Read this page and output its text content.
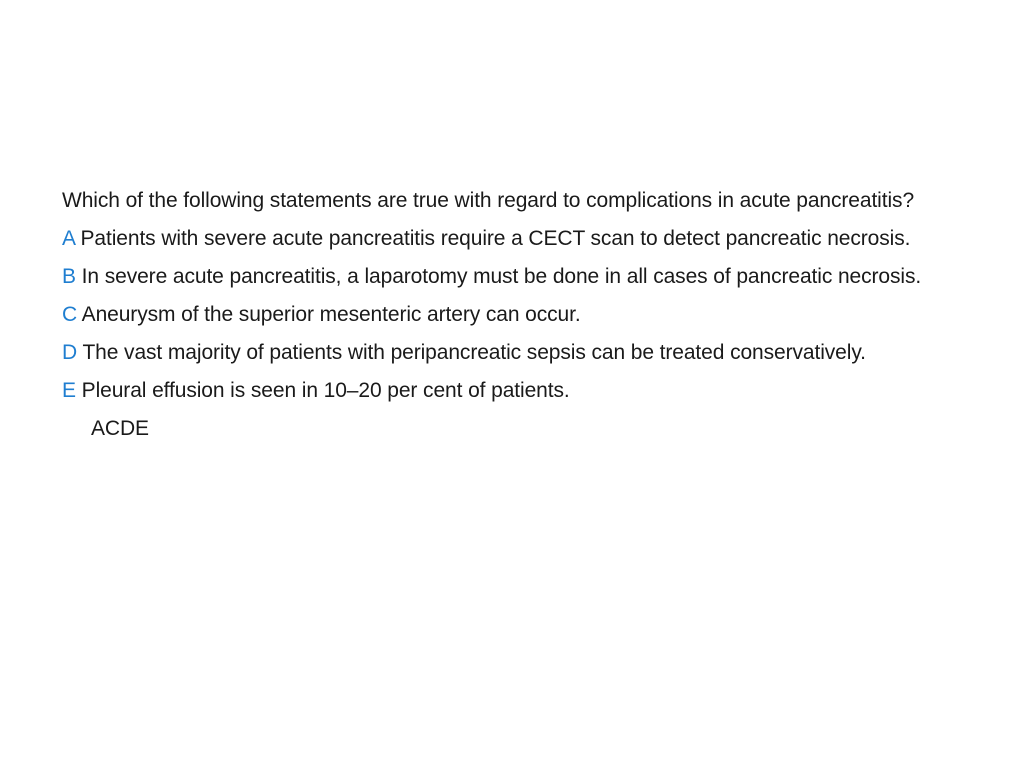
Which of the following statements are true with regard to complications in acute pancreatitis?

A Patients with severe acute pancreatitis require a CECT scan to detect pancreatic necrosis.

B In severe acute pancreatitis, a laparotomy must be done in all cases of pancreatic necrosis.

C Aneurysm of the superior mesenteric artery can occur.

D The vast majority of patients with peripancreatic sepsis can be treated conservatively.

E Pleural effusion is seen in 10–20 per cent of patients.

ACDE
